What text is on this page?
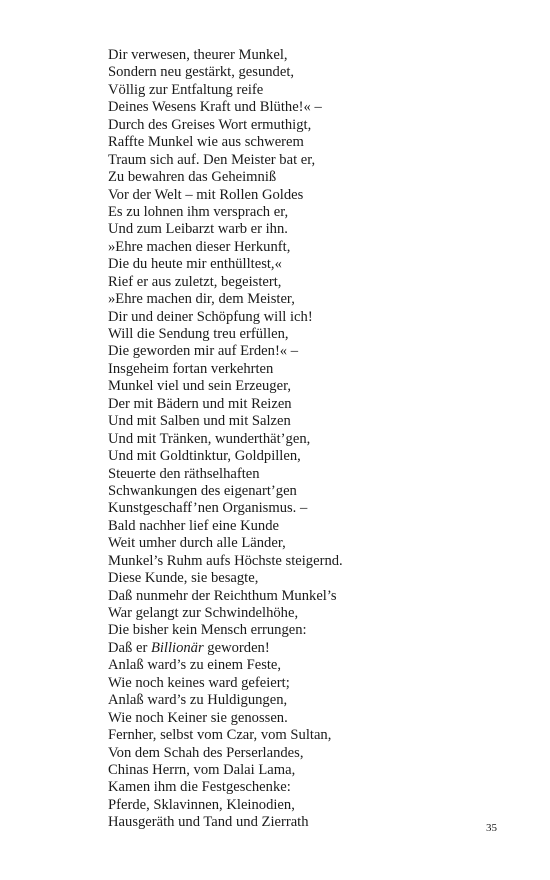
Dir verwesen, theurer Munkel,
Sondern neu gestärkt, gesundet,
Völlig zur Entfaltung reife
Deines Wesens Kraft und Blüthe!« –
Durch des Greises Wort ermuthigt,
Raffte Munkel wie aus schwerem
Traum sich auf. Den Meister bat er,
Zu bewahren das Geheimniß
Vor der Welt – mit Rollen Goldes
Es zu lohnen ihm versprach er,
Und zum Leibarzt warb er ihn.
»Ehre machen dieser Herkunft,
Die du heute mir enthülltest,«
Rief er aus zuletzt, begeistert,
»Ehre machen dir, dem Meister,
Dir und deiner Schöpfung will ich!
Will die Sendung treu erfüllen,
Die geworden mir auf Erden!« –
Insgeheim fortan verkehrten
Munkel viel und sein Erzeuger,
Der mit Bädern und mit Reizen
Und mit Salben und mit Salzen
Und mit Tränken, wunderthät’gen,
Und mit Goldtinktur, Goldpillen,
Steuerte den räthselhaften
Schwankungen des eigenart’gen
Kunstgeschaff’nen Organismus. –
Bald nachher lief eine Kunde
Weit umher durch alle Länder,
Munkel’s Ruhm aufs Höchste steigernd.
Diese Kunde, sie besagte,
Daß nunmehr der Reichthum Munkel’s
War gelangt zur Schwindelhöhe,
Die bisher kein Mensch errungen:
Daß er Billionär geworden!
Anlaß ward’s zu einem Feste,
Wie noch keines ward gefeiert;
Anlaß ward’s zu Huldigungen,
Wie noch Keiner sie genossen.
Fernher, selbst vom Czar, vom Sultan,
Von dem Schah des Perserlandes,
Chinas Herrn, vom Dalai Lama,
Kamen ihm die Festgeschenke:
Pferde, Sklavinnen, Kleinodien,
Hausgeräth und Tand und Zierrath	35
